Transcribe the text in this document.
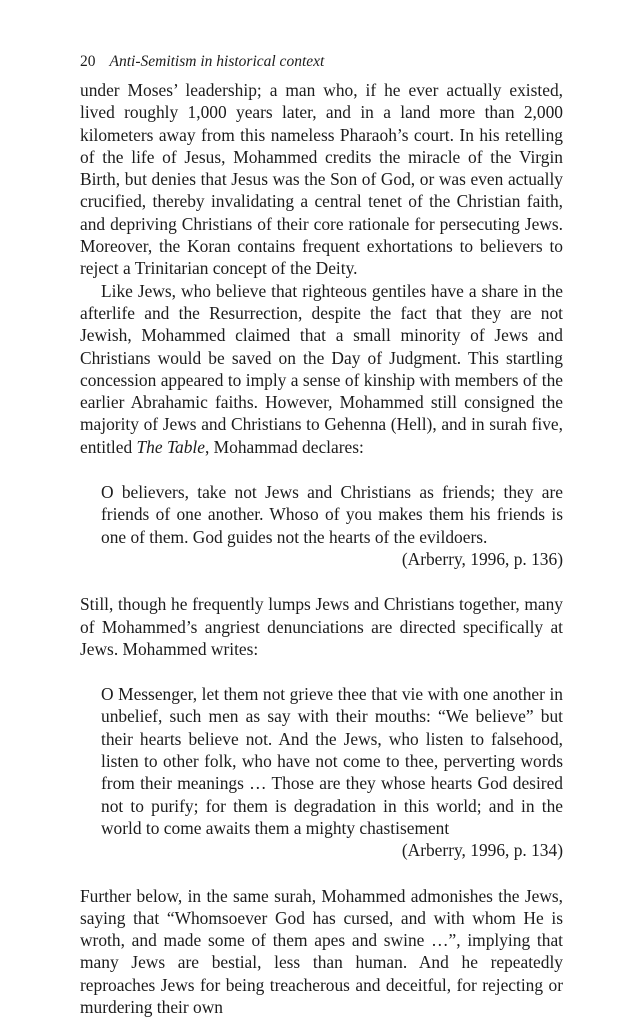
20 Anti-Semitism in historical context

under Moses’ leadership; a man who, if he ever actually existed, lived roughly 1,000 years later, and in a land more than 2,000 kilometers away from this nameless Pharaoh’s court. In his retelling of the life of Jesus, Mohammed credits the miracle of the Virgin Birth, but denies that Jesus was the Son of God, or was even actually crucified, thereby invalidating a central tenet of the Christian faith, and depriving Christians of their core rationale for persecuting Jews. Moreover, the Koran contains frequent exhortations to believers to reject a Trinitarian concept of the Deity.

Like Jews, who believe that righteous gentiles have a share in the afterlife and the Resurrection, despite the fact that they are not Jewish, Mohammed claimed that a small minority of Jews and Christians would be saved on the Day of Judgment. This startling concession appeared to imply a sense of kinship with members of the earlier Abrahamic faiths. However, Mohammed still consigned the majority of Jews and Christians to Gehenna (Hell), and in surah five, entitled The Table, Mohammad declares:

O believers, take not Jews and Christians as friends; they are friends of one another. Whoso of you makes them his friends is one of them. God guides not the hearts of the evildoers.

(Arberry, 1996, p. 136)

Still, though he frequently lumps Jews and Christians together, many of Mohammed’s angriest denunciations are directed specifically at Jews. Mohammed writes:

O Messenger, let them not grieve thee that vie with one another in unbelief, such men as say with their mouths: “We believe” but their hearts believe not. And the Jews, who listen to falsehood, listen to other folk, who have not come to thee, perverting words from their meanings … Those are they whose hearts God desired not to purify; for them is degradation in this world; and in the world to come awaits them a mighty chastisement

(Arberry, 1996, p. 134)

Further below, in the same surah, Mohammed admonishes the Jews, saying that “Whomsoever God has cursed, and with whom He is wroth, and made some of them apes and swine …”, implying that many Jews are bestial, less than human. And he repeatedly reproaches Jews for being treacherous and deceitful, for rejecting or murdering their own
